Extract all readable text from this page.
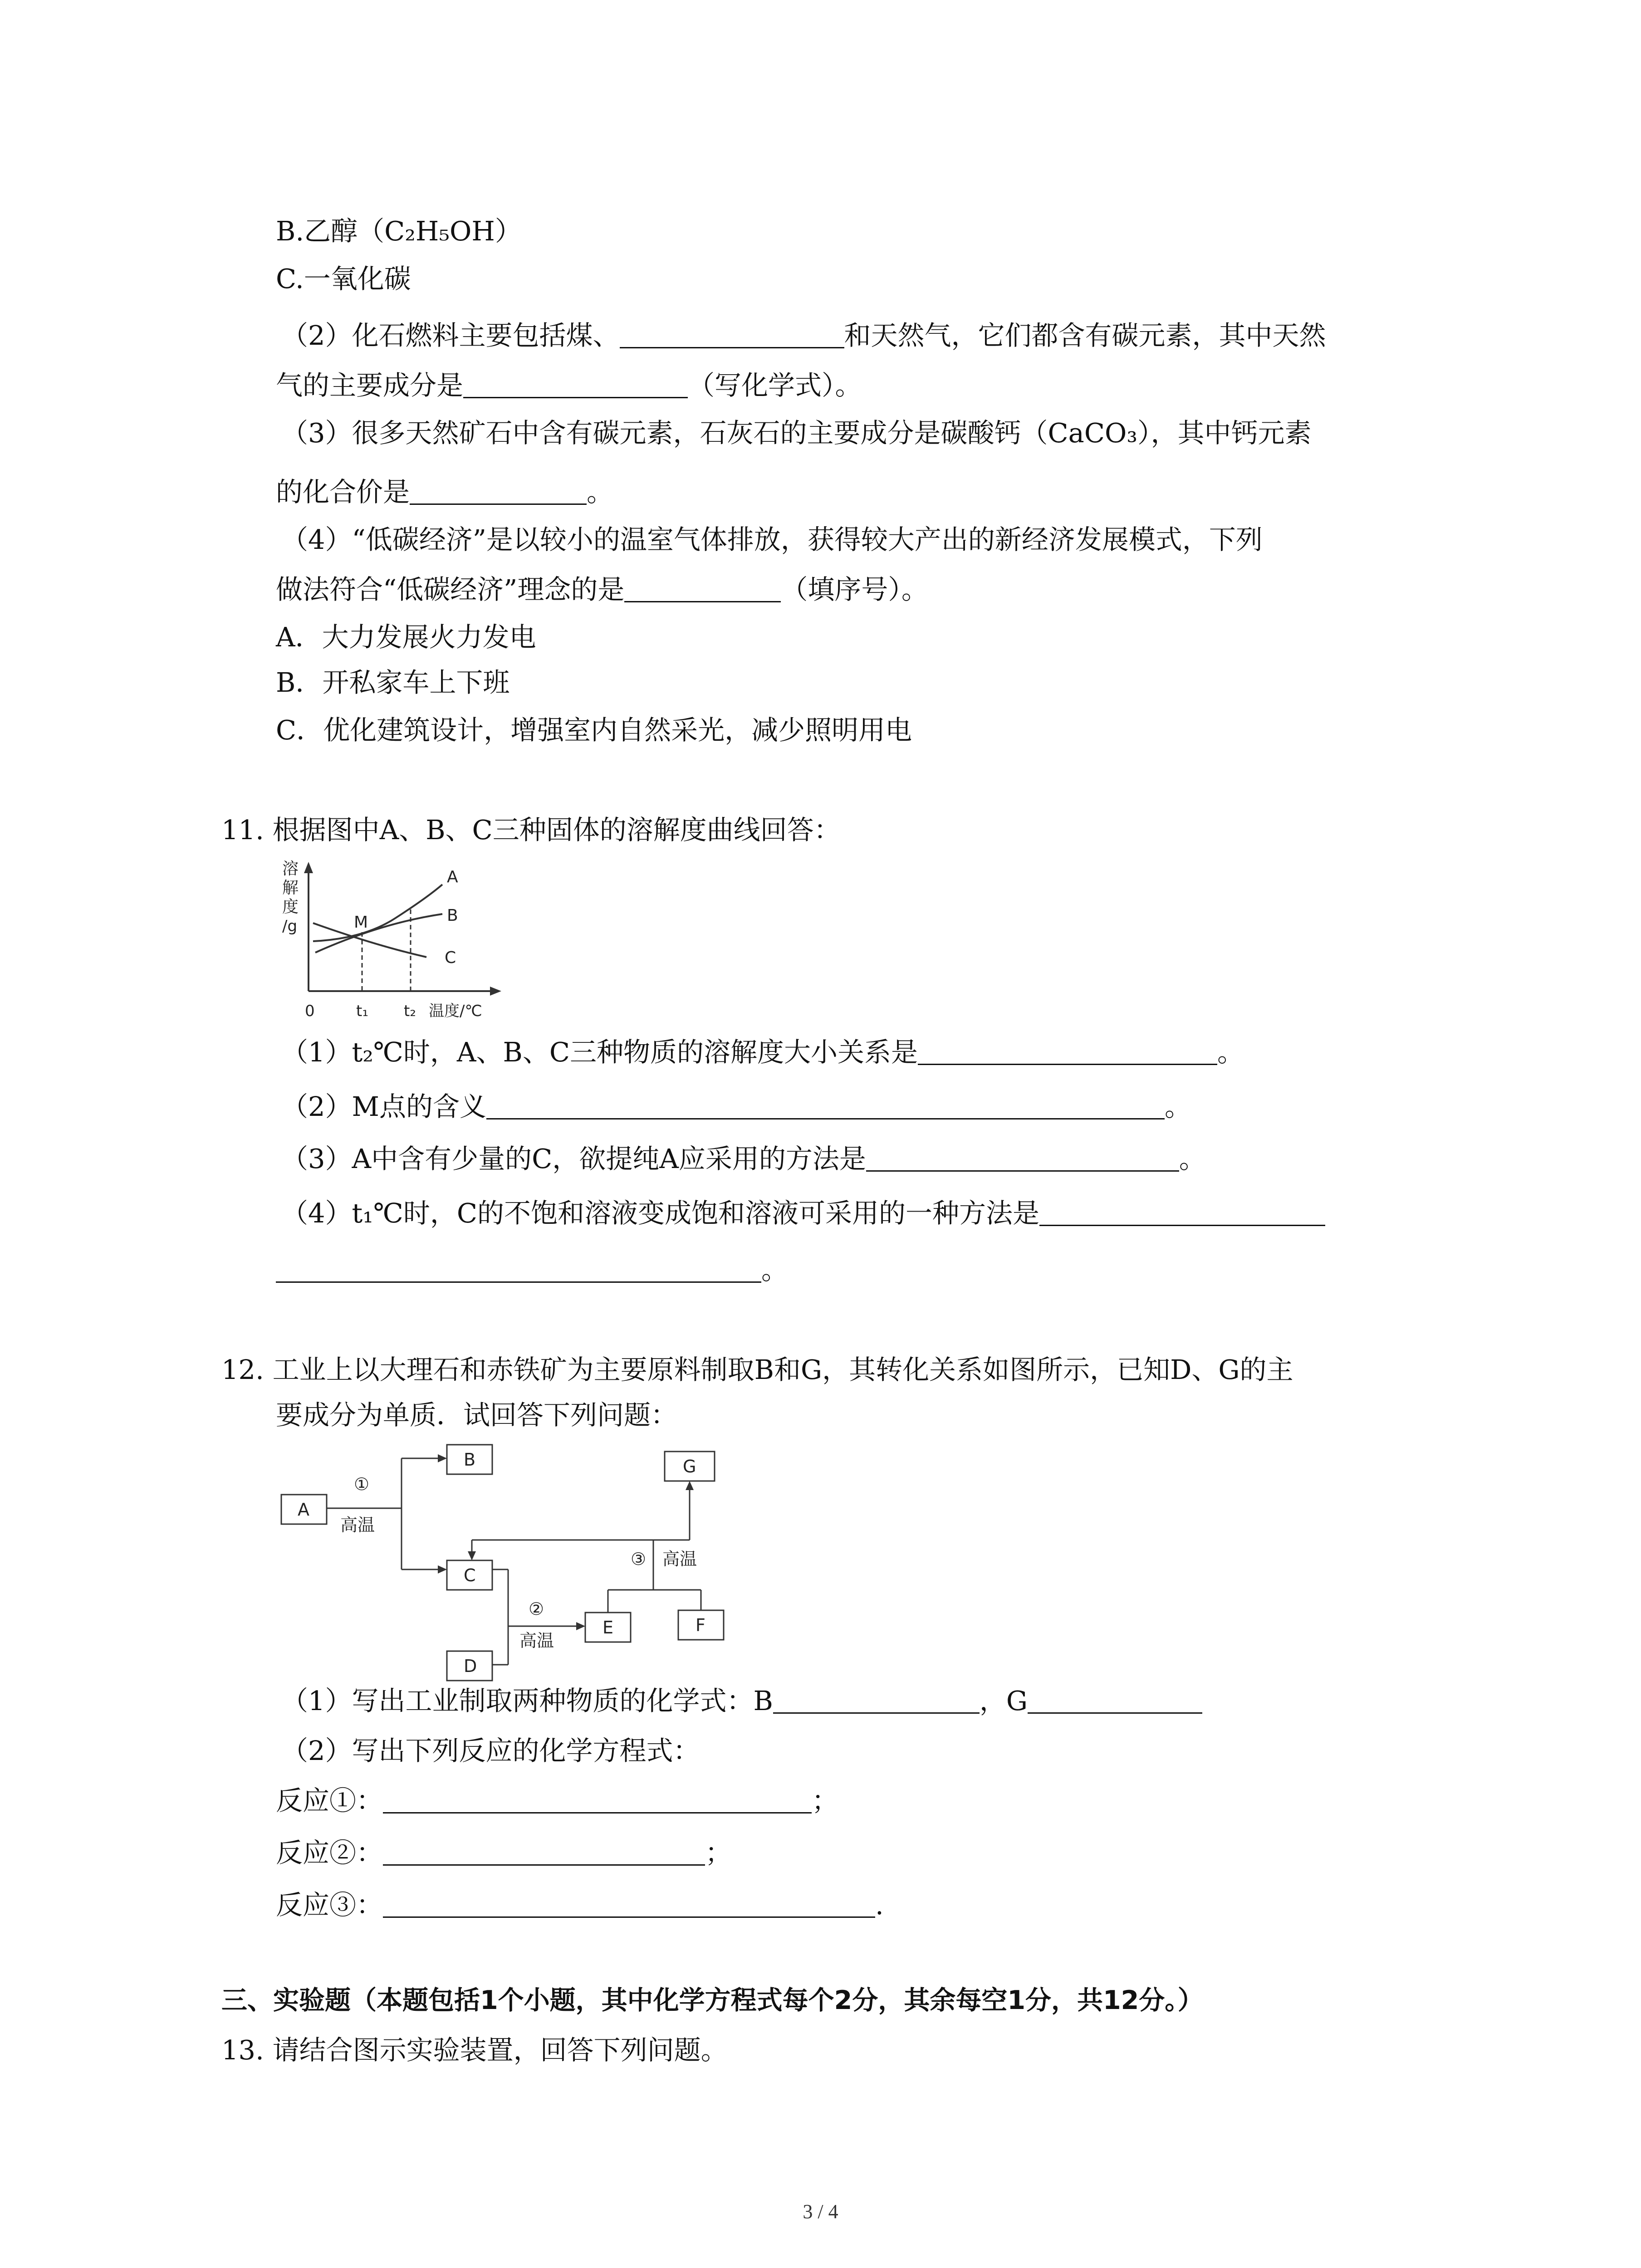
B.乙醇（C₂H₅OH）
C.一氧化碳
（2）化石燃料主要包括煤、	和天然气，它们都含有碳元素，其中天然
气的主要成分是	（写化学式）。
（3）很多天然矿石中含有碳元素，石灰石的主要成分是碳酸钙（CaCO₃），其中钙元素
的化合价是	。
（4）“低碳经济”是以较小的温室气体排放，获得较大产出的新经济发展模式，下列
做法符合“低碳经济”理念的是	（填序号）。
A．大力发展火力发电
B．开私家车上下班
C．优化建筑设计，增强室内自然采光，减少照明用电
11. 根据图中A、B、C三种固体的溶解度曲线回答：
溶
解
度
/g
A
B
C
M
0	t₁ t₂ 温度/℃
（1）t₂℃时，A、B、C三种物质的溶解度大小关系是	。
（2）M点的含义	。
（3）A中含有少量的C，欲提纯A应采用的方法是	。
（4）t₁℃时，C的不饱和溶液变成饱和溶液可采用的一种方法是
。
12. 工业上以大理石和赤铁矿为主要原料制取B和G，其转化关系如图所示，已知D、G的主
要成分为单质．试回答下列问题：
A
B
C
D
E	F
G
①
高温
②
高温
③ 高温
（1）写出工业制取两种物质的化学式：B	，G
（2）写出下列反应的化学方程式：
反应①：	；
反应②：	；
反应③：	.
三、实验题（本题包括1个小题，其中化学方程式每个2分，其余每空1分，共12分。）
13. 请结合图示实验装置，回答下列问题。
3 / 4
